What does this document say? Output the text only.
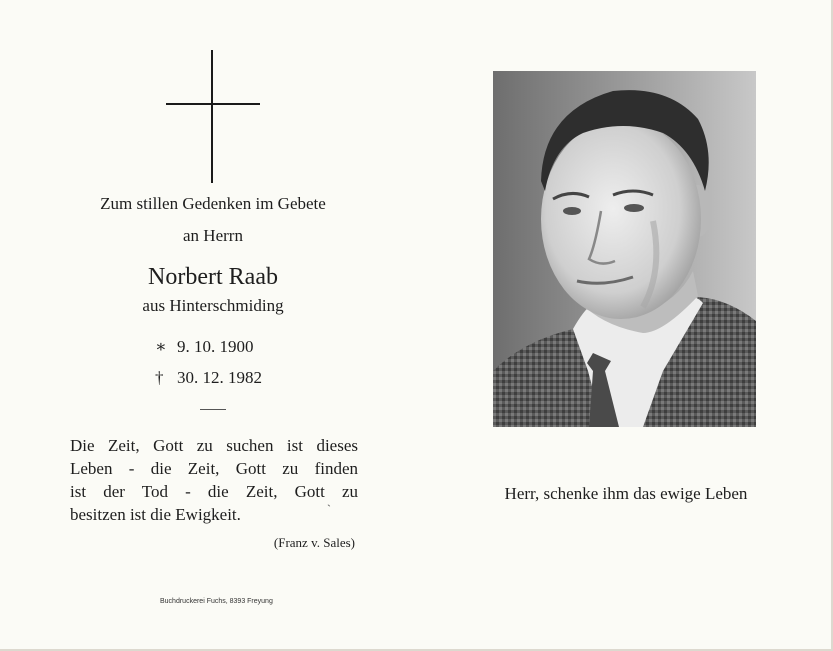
Zum stillen Gedenken im Gebete
an Herrn
Norbert Raab
aus Hinterschmiding
∗ 9. 10. 1900
† 30. 12. 1982
Die Zeit, Gott zu suchen ist dieses
Leben - die Zeit, Gott zu finden
ist der Tod - die Zeit, Gott zu
besitzen ist die Ewigkeit.	`
(Franz v. Sales)
Buchdruckerei Fuchs, 8393 Freyung
Herr, schenke ihm das ewige Leben
